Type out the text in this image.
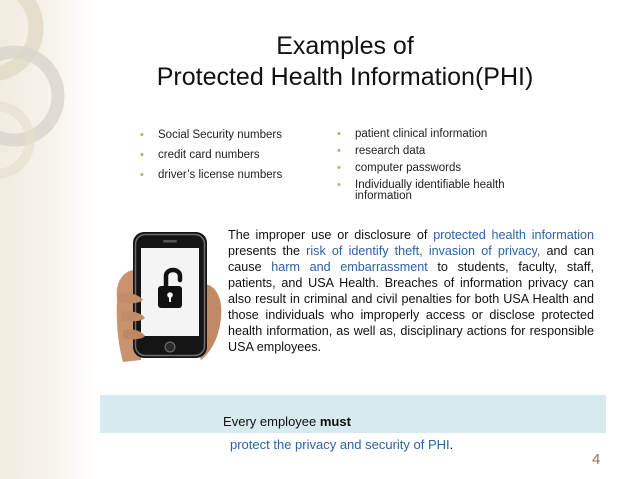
Examples of
Protected Health Information(PHI)
• Social Security numbers
• credit card numbers
• driver’s license numbers
• patient clinical information
• research data
• computer passwords
• Individually identifiable health information
The improper use or disclosure of protected health information presents the risk of identify theft, invasion of privacy, and can cause harm and embarrassment to students, faculty, staff, patients, and USA Health. Breaches of information privacy can also result in criminal and civil penalties for both USA Health and those individuals who improperly access or disclose protected health information, as well as, disciplinary actions for responsible USA employees.
Every employee must
protect the privacy and security of PHI.
4
